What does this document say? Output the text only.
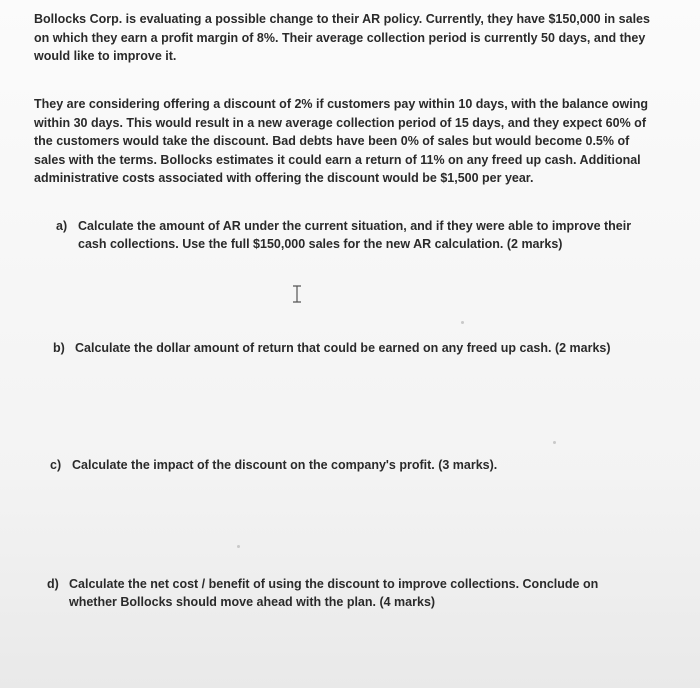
Bollocks Corp. is evaluating a possible change to their AR policy. Currently, they have $150,000 in sales on which they earn a profit margin of 8%. Their average collection period is currently 50 days, and they would like to improve it.
They are considering offering a discount of 2% if customers pay within 10 days, with the balance owing within 30 days. This would result in a new average collection period of 15 days, and they expect 60% of the customers would take the discount. Bad debts have been 0% of sales but would become 0.5% of sales with the terms. Bollocks estimates it could earn a return of 11% on any freed up cash. Additional administrative costs associated with offering the discount would be $1,500 per year.
a) Calculate the amount of AR under the current situation, and if they were able to improve their cash collections. Use the full $150,000 sales for the new AR calculation. (2 marks)
b) Calculate the dollar amount of return that could be earned on any freed up cash. (2 marks)
c) Calculate the impact of the discount on the company's profit. (3 marks).
d) Calculate the net cost / benefit of using the discount to improve collections. Conclude on whether Bollocks should move ahead with the plan. (4 marks)
